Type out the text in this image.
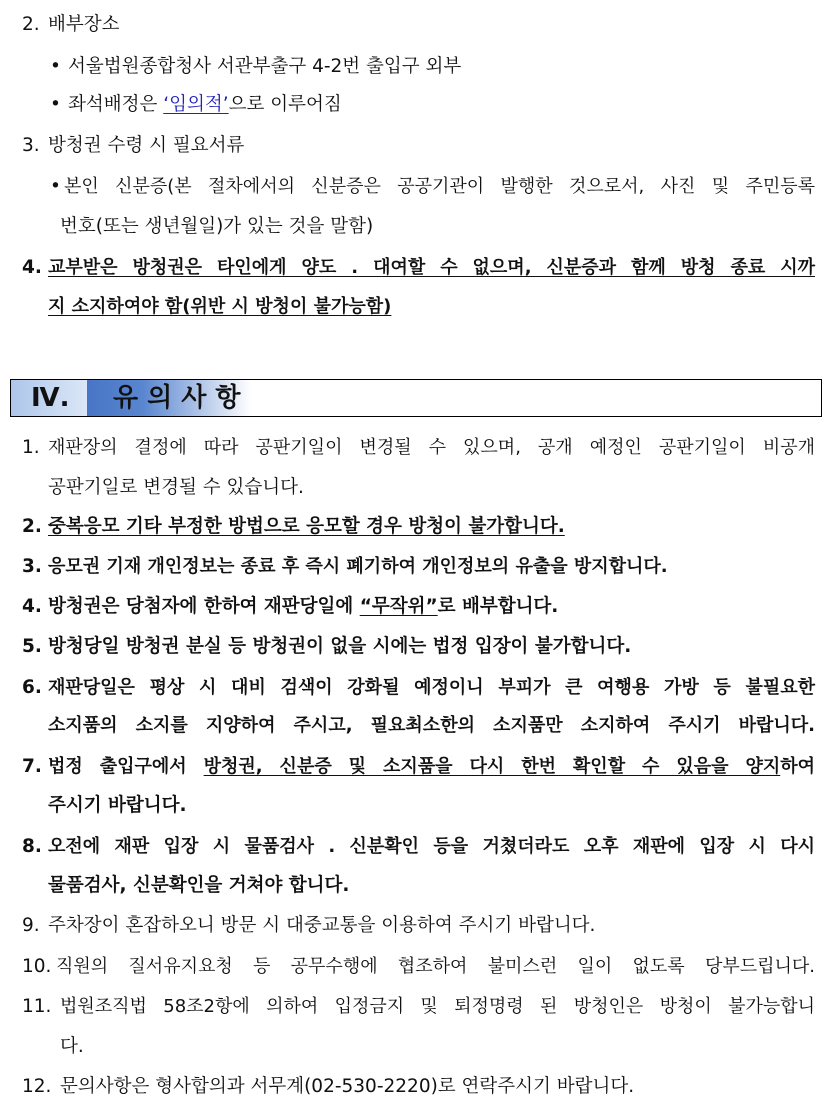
2. 배부장소
• 서울법원종합청사 서관부출구 4-2번 출입구 외부
• 좌석배정은 ‘임의적’으로 이루어짐
3. 방청권 수령 시 필요서류
• 본인 신분증(본 절차에서의 신분증은 공공기관이 발행한 것으로서, 사진 및 주민등록
번호(또는 생년월일)가 있는 것을 말함)
4. 교부받은 방청권은 타인에게 양도 . 대여할 수 없으며, 신분증과 함께 방청 종료 시까
지 소지하여야 함(위반 시 방청이 불가능함)
Ⅳ.	유의사항
1. 재판장의 결정에 따라 공판기일이 변경될 수 있으며, 공개 예정인 공판기일이 비공개
공판기일로 변경될 수 있습니다.
2. 중복응모 기타 부정한 방법으로 응모할 경우 방청이 불가합니다.
3. 응모권 기재 개인정보는 종료 후 즉시 폐기하여 개인정보의 유출을 방지합니다.
4. 방청권은 당첨자에 한하여 재판당일에 “무작위”로 배부합니다.
5. 방청당일 방청권 분실 등 방청권이 없을 시에는 법정 입장이 불가합니다.
6. 재판당일은 평상 시 대비 검색이 강화될 예정이니 부피가 큰 여행용 가방 등 불필요한
소지품의 소지를 지양하여 주시고, 필요최소한의 소지품만 소지하여 주시기 바랍니다.
7. 법정 출입구에서 방청권, 신분증 및 소지품을 다시 한번 확인할 수 있음을 양지하여
주시기 바랍니다.
8. 오전에 재판 입장 시 물품검사 . 신분확인 등을 거쳤더라도 오후 재판에 입장 시 다시
물품검사, 신분확인을 거쳐야 합니다.
9. 주차장이 혼잡하오니 방문 시 대중교통을 이용하여 주시기 바랍니다.
10. 직원의 질서유지요청 등 공무수행에 협조하여 불미스런 일이 없도록 당부드립니다.
11. 법원조직법 58조2항에 의하여 입정금지 및 퇴정명령 된 방청인은 방청이 불가능합니
다.
12. 문의사항은 형사합의과 서무계(02-530-2220)로 연락주시기 바랍니다.
